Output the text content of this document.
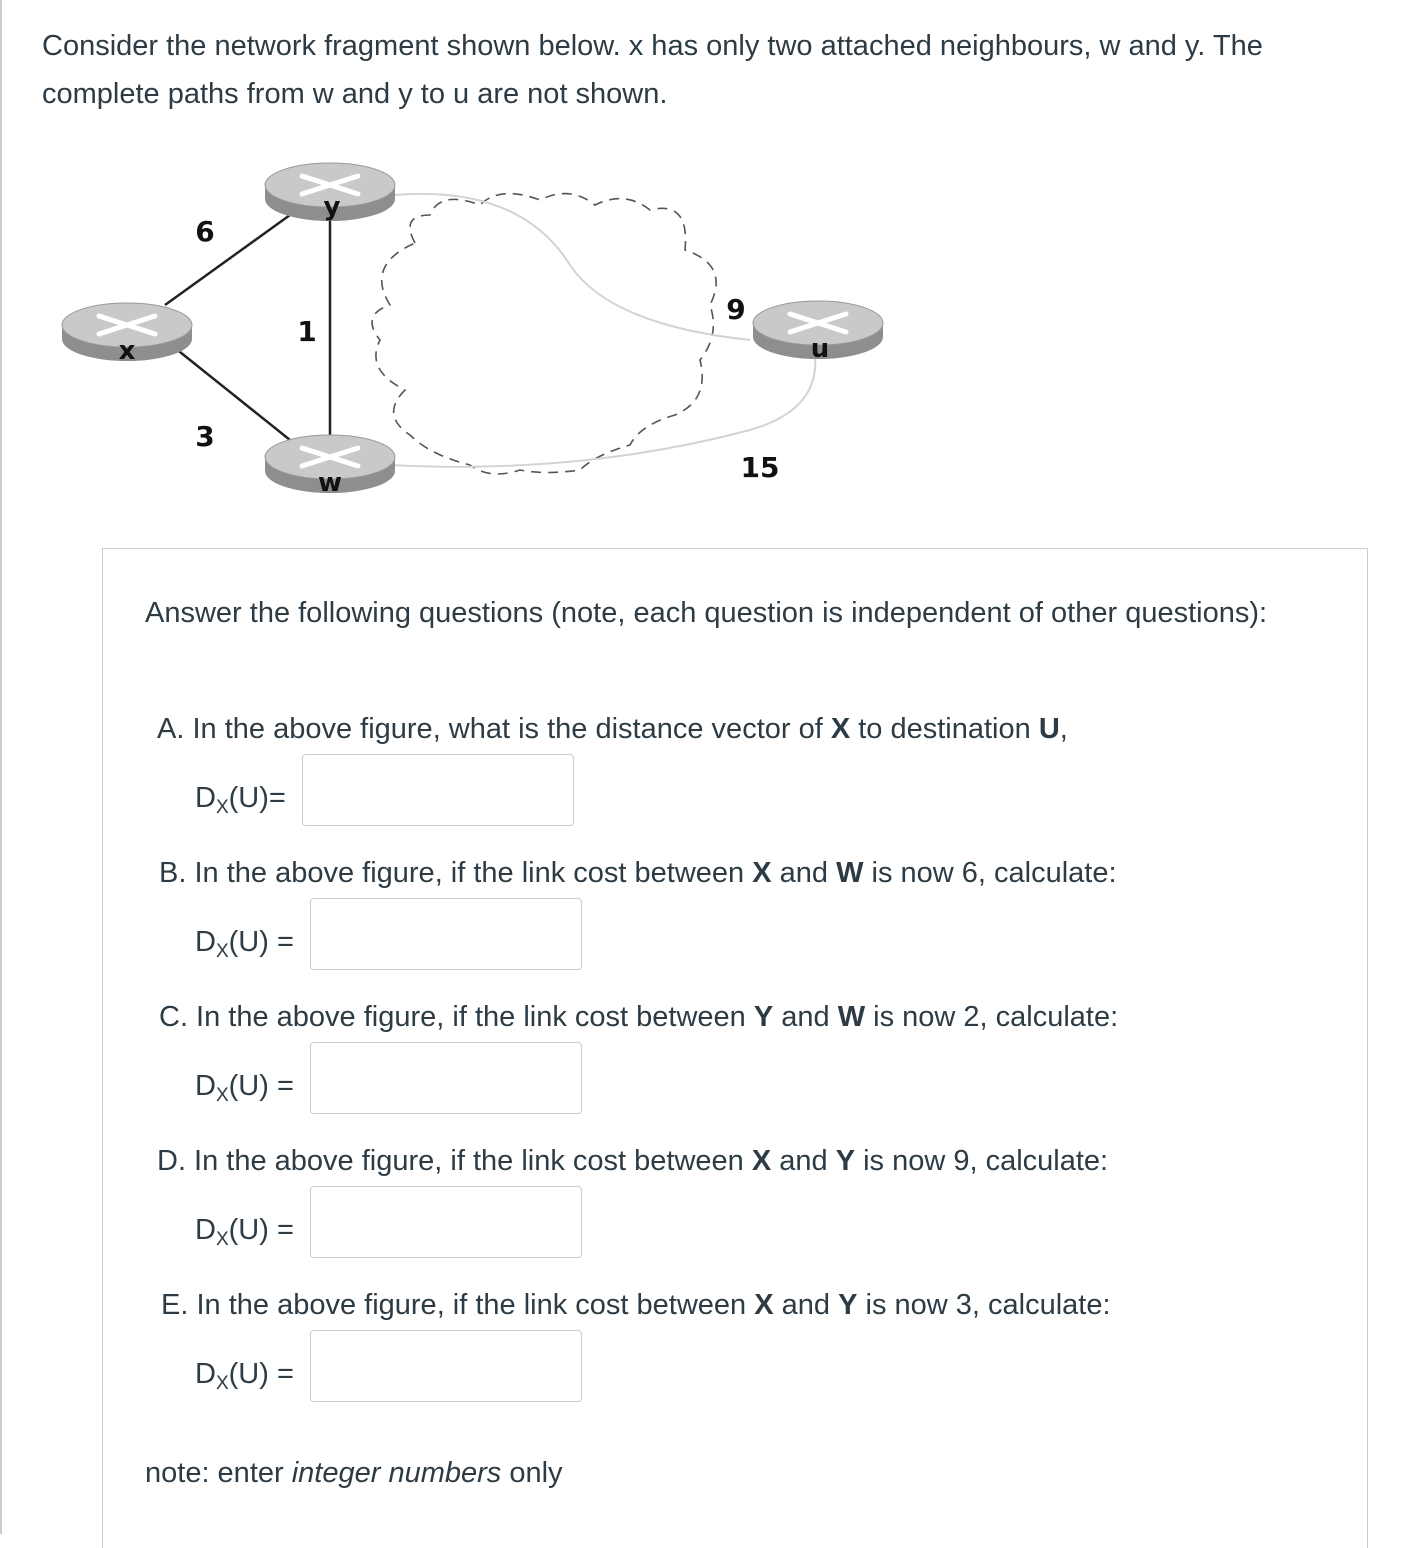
Consider the network fragment shown below. x has only two attached neighbours, w and y. The
complete paths from w and y to u are not shown.
y
x
w
u
6
1
3
9
15

Answer the following questions (note, each question is independent of other questions):

A. In the above figure, what is the distance vector of X to destination U,
$D_X(U)=$
B. In the above figure, if the link cost between X and W is now 6, calculate:
$D_X(U)$ =
C. In the above figure, if the link cost between Y and W is now 2, calculate:
$D_X(U)$ =
D. In the above figure, if the link cost between X and Y is now 9, calculate:
$D_X(U)$ =
E. In the above figure, if the link cost between X and Y is now 3, calculate:
$D_X(U)$ =
note: enter integer numbers only
